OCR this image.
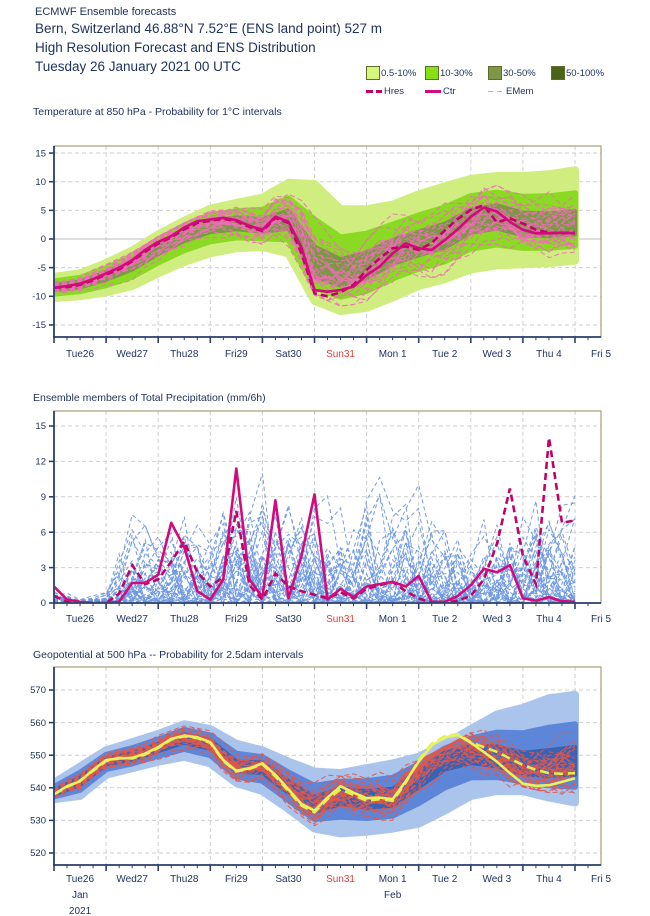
ECMWF Ensemble forecasts
Bern, Switzerland 46.88°N 7.52°E (ENS land point) 527 m
High Resolution Forecast and ENS Distribution
Tuesday 26 January 2021 00 UTC	0.5-10% 10-30%	30-50%	50-100%
Hres	Ctr	EMem
Temperature at 850 hPa - Probability for 1°C intervals
15
10
5
0
-5
-10
-15
Tue26 Wed27 Thu28	Fri29	Sat30 Sun31 Mon 1	Tue 2	Wed 3 Thu 4	Fri 5
Ensemble members of Total Precipitation (mm/6h)
15
12
9
6
3
0
Tue26 Wed27 Thu28	Fri29	Sat30 Sun31 Mon 1	Tue 2	Wed 3 Thu 4	Fri 5
Geopotential at 500 hPa -- Probability for 2.5dam intervals
570
560
550
540
530
520
Tue26 Wed27 Thu28	Fri29	Sat30 Sun31 Mon 1	Tue 2	Wed 3 Thu 4	Fri 5
Jan
2021
Feb
